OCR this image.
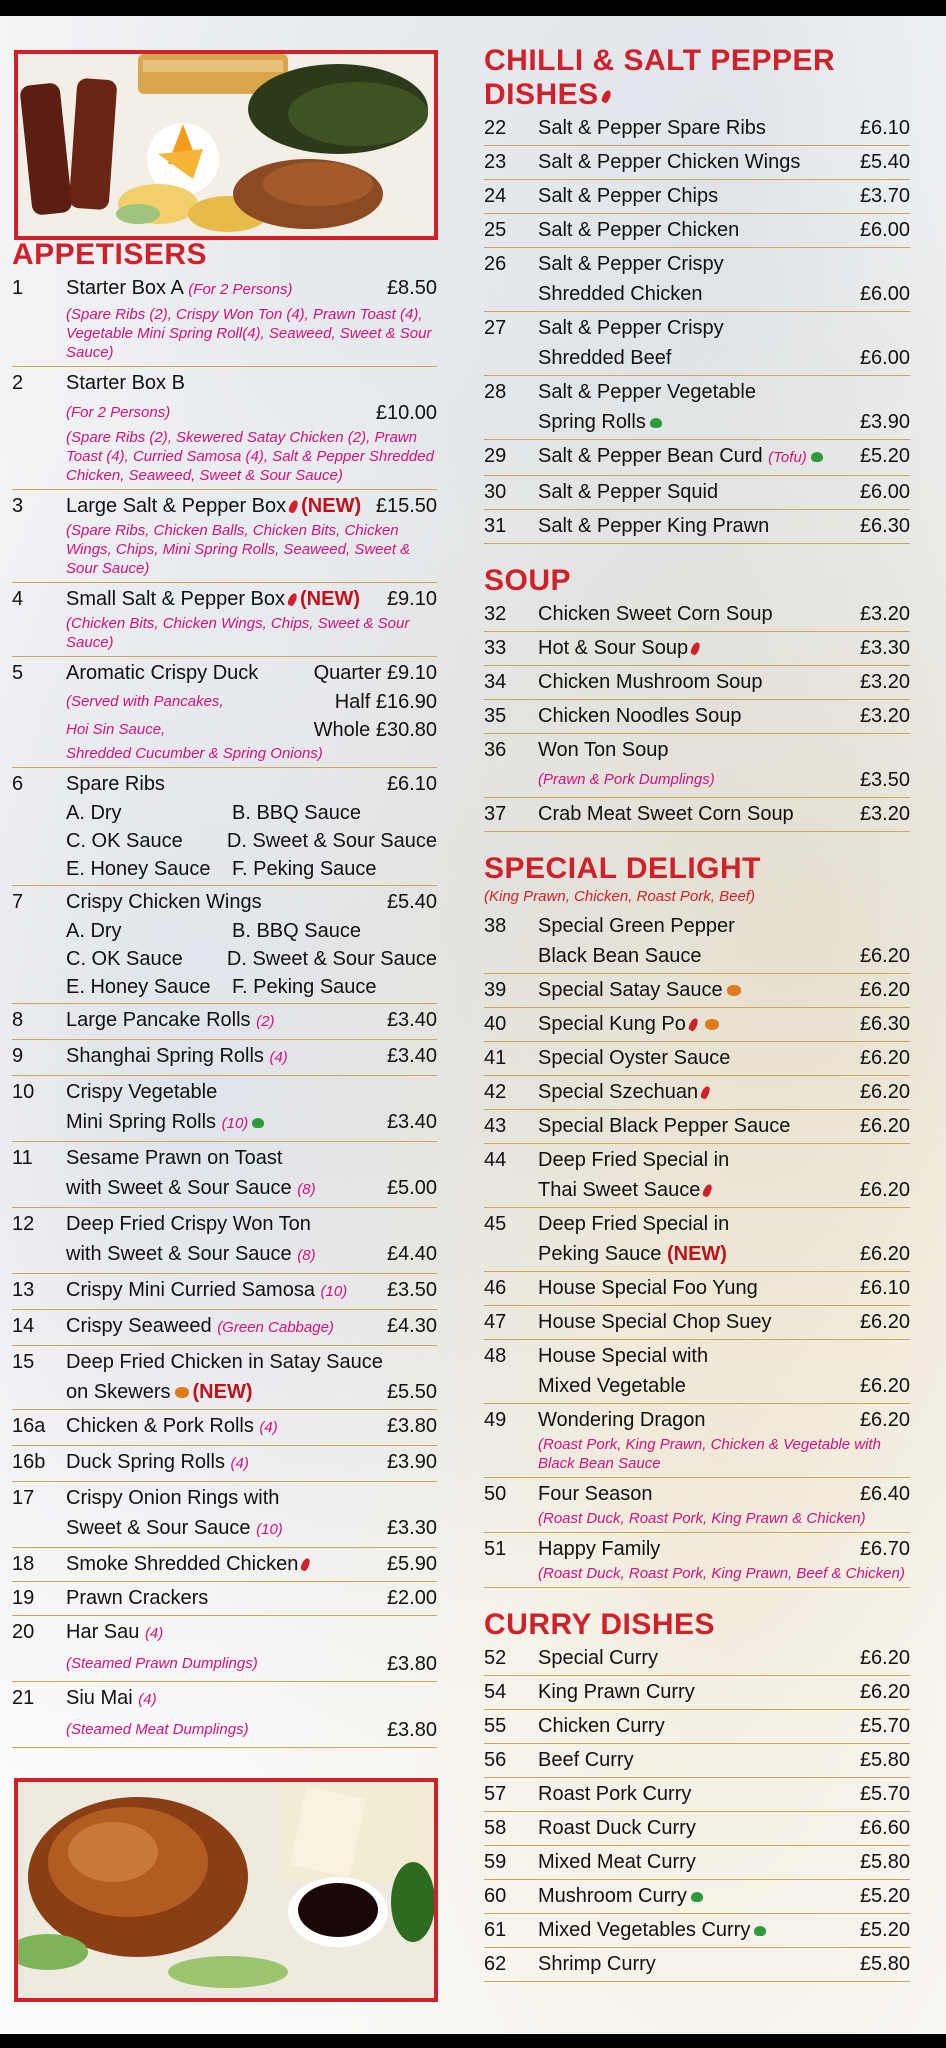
APPETISERS
1	Starter Box A (For 2 Persons)	£8.50
(Spare Ribs (2), Crispy Won Ton (4), Prawn Toast (4), Vegetable Mini Spring Roll(4), Seaweed, Sweet & Sour Sauce)
2	Starter Box B
(For 2 Persons)	£10.00
(Spare Ribs (2), Skewered Satay Chicken (2), Prawn Toast (4), Curried Samosa (4), Salt & Pepper Shredded Chicken, Seaweed, Sweet & Sour Sauce)
3	Large Salt & Pepper Box (NEW) £15.50
(Spare Ribs, Chicken Balls, Chicken Bits, Chicken Wings, Chips, Mini Spring Rolls, Seaweed, Sweet & Sour Sauce)
4	Small Salt & Pepper Box (NEW)	£9.10
(Chicken Bits, Chicken Wings, Chips, Sweet & Sour Sauce)
5	Aromatic Crispy Duck	Quarter £9.10
(Served with Pancakes,	Half £16.90
Hoi Sin Sauce,	Whole £30.80
Shredded Cucumber & Spring Onions)
6	Spare Ribs	£6.10
A. Dry	B. BBQ Sauce
C. OK Sauce	D. Sweet & Sour Sauce
E. Honey Sauce	F. Peking Sauce
7	Crispy Chicken Wings	£5.40
A. Dry	B. BBQ Sauce
C. OK Sauce	D. Sweet & Sour Sauce
E. Honey Sauce	F. Peking Sauce
8	Large Pancake Rolls (2)	£3.40
9	Shanghai Spring Rolls (4)	£3.40
10	Crispy Vegetable
Mini Spring Rolls (10)	£3.40
11	Sesame Prawn on Toast
with Sweet & Sour Sauce (8)	£5.00
12	Deep Fried Crispy Won Ton
with Sweet & Sour Sauce (8)	£4.40
13	Crispy Mini Curried Samosa (10)	£3.50
14	Crispy Seaweed (Green Cabbage)	£4.30
15	Deep Fried Chicken in Satay Sauce
on Skewers (NEW)	£5.50
16a	Chicken & Pork Rolls (4)	£3.80
16b	Duck Spring Rolls (4)	£3.90
17	Crispy Onion Rings with
Sweet & Sour Sauce (10)	£3.30
18	Smoke Shredded Chicken	£5.90
19	Prawn Crackers	£2.00
20	Har Sau (4)
(Steamed Prawn Dumplings)	£3.80
21	Siu Mai (4)
(Steamed Meat Dumplings)	£3.80
CHILLI & SALT PEPPER
DISHES
22	Salt & Pepper Spare Ribs	£6.10
23	Salt & Pepper Chicken Wings	£5.40
24	Salt & Pepper Chips	£3.70
25	Salt & Pepper Chicken	£6.00
26	Salt & Pepper Crispy
Shredded Chicken	£6.00
27	Salt & Pepper Crispy
Shredded Beef	£6.00
28	Salt & Pepper Vegetable
Spring Rolls	£3.90
29	Salt & Pepper Bean Curd (Tofu)	£5.20
30	Salt & Pepper Squid	£6.00
31	Salt & Pepper King Prawn	£6.30
SOUP
32	Chicken Sweet Corn Soup	£3.20
33	Hot & Sour Soup	£3.30
34	Chicken Mushroom Soup	£3.20
35	Chicken Noodles Soup	£3.20
36	Won Ton Soup
(Prawn & Pork Dumplings)	£3.50
37	Crab Meat Sweet Corn Soup	£3.20
SPECIAL DELIGHT
(King Prawn, Chicken, Roast Pork, Beef)
38	Special Green Pepper
Black Bean Sauce	£6.20
39	Special Satay Sauce	£6.20
40	Special Kung Po	£6.30
41	Special Oyster Sauce	£6.20
42	Special Szechuan	£6.20
43	Special Black Pepper Sauce	£6.20
44	Deep Fried Special in
Thai Sweet Sauce	£6.20
45	Deep Fried Special in
Peking Sauce (NEW)	£6.20
46	House Special Foo Yung	£6.10
47	House Special Chop Suey	£6.20
48	House Special with
Mixed Vegetable	£6.20
49	Wondering Dragon	£6.20
(Roast Pork, King Prawn, Chicken & Vegetable with Black Bean Sauce
50	Four Season	£6.40
(Roast Duck, Roast Pork, King Prawn & Chicken)
51	Happy Family	£6.70
(Roast Duck, Roast Pork, King Prawn, Beef & Chicken)
CURRY DISHES
52	Special Curry	£6.20
54	King Prawn Curry	£6.20
55	Chicken Curry	£5.70
56	Beef Curry	£5.80
57	Roast Pork Curry	£5.70
58	Roast Duck Curry	£6.60
59	Mixed Meat Curry	£5.80
60	Mushroom Curry	£5.20
61	Mixed Vegetables Curry	£5.20
62	Shrimp Curry	£5.80
